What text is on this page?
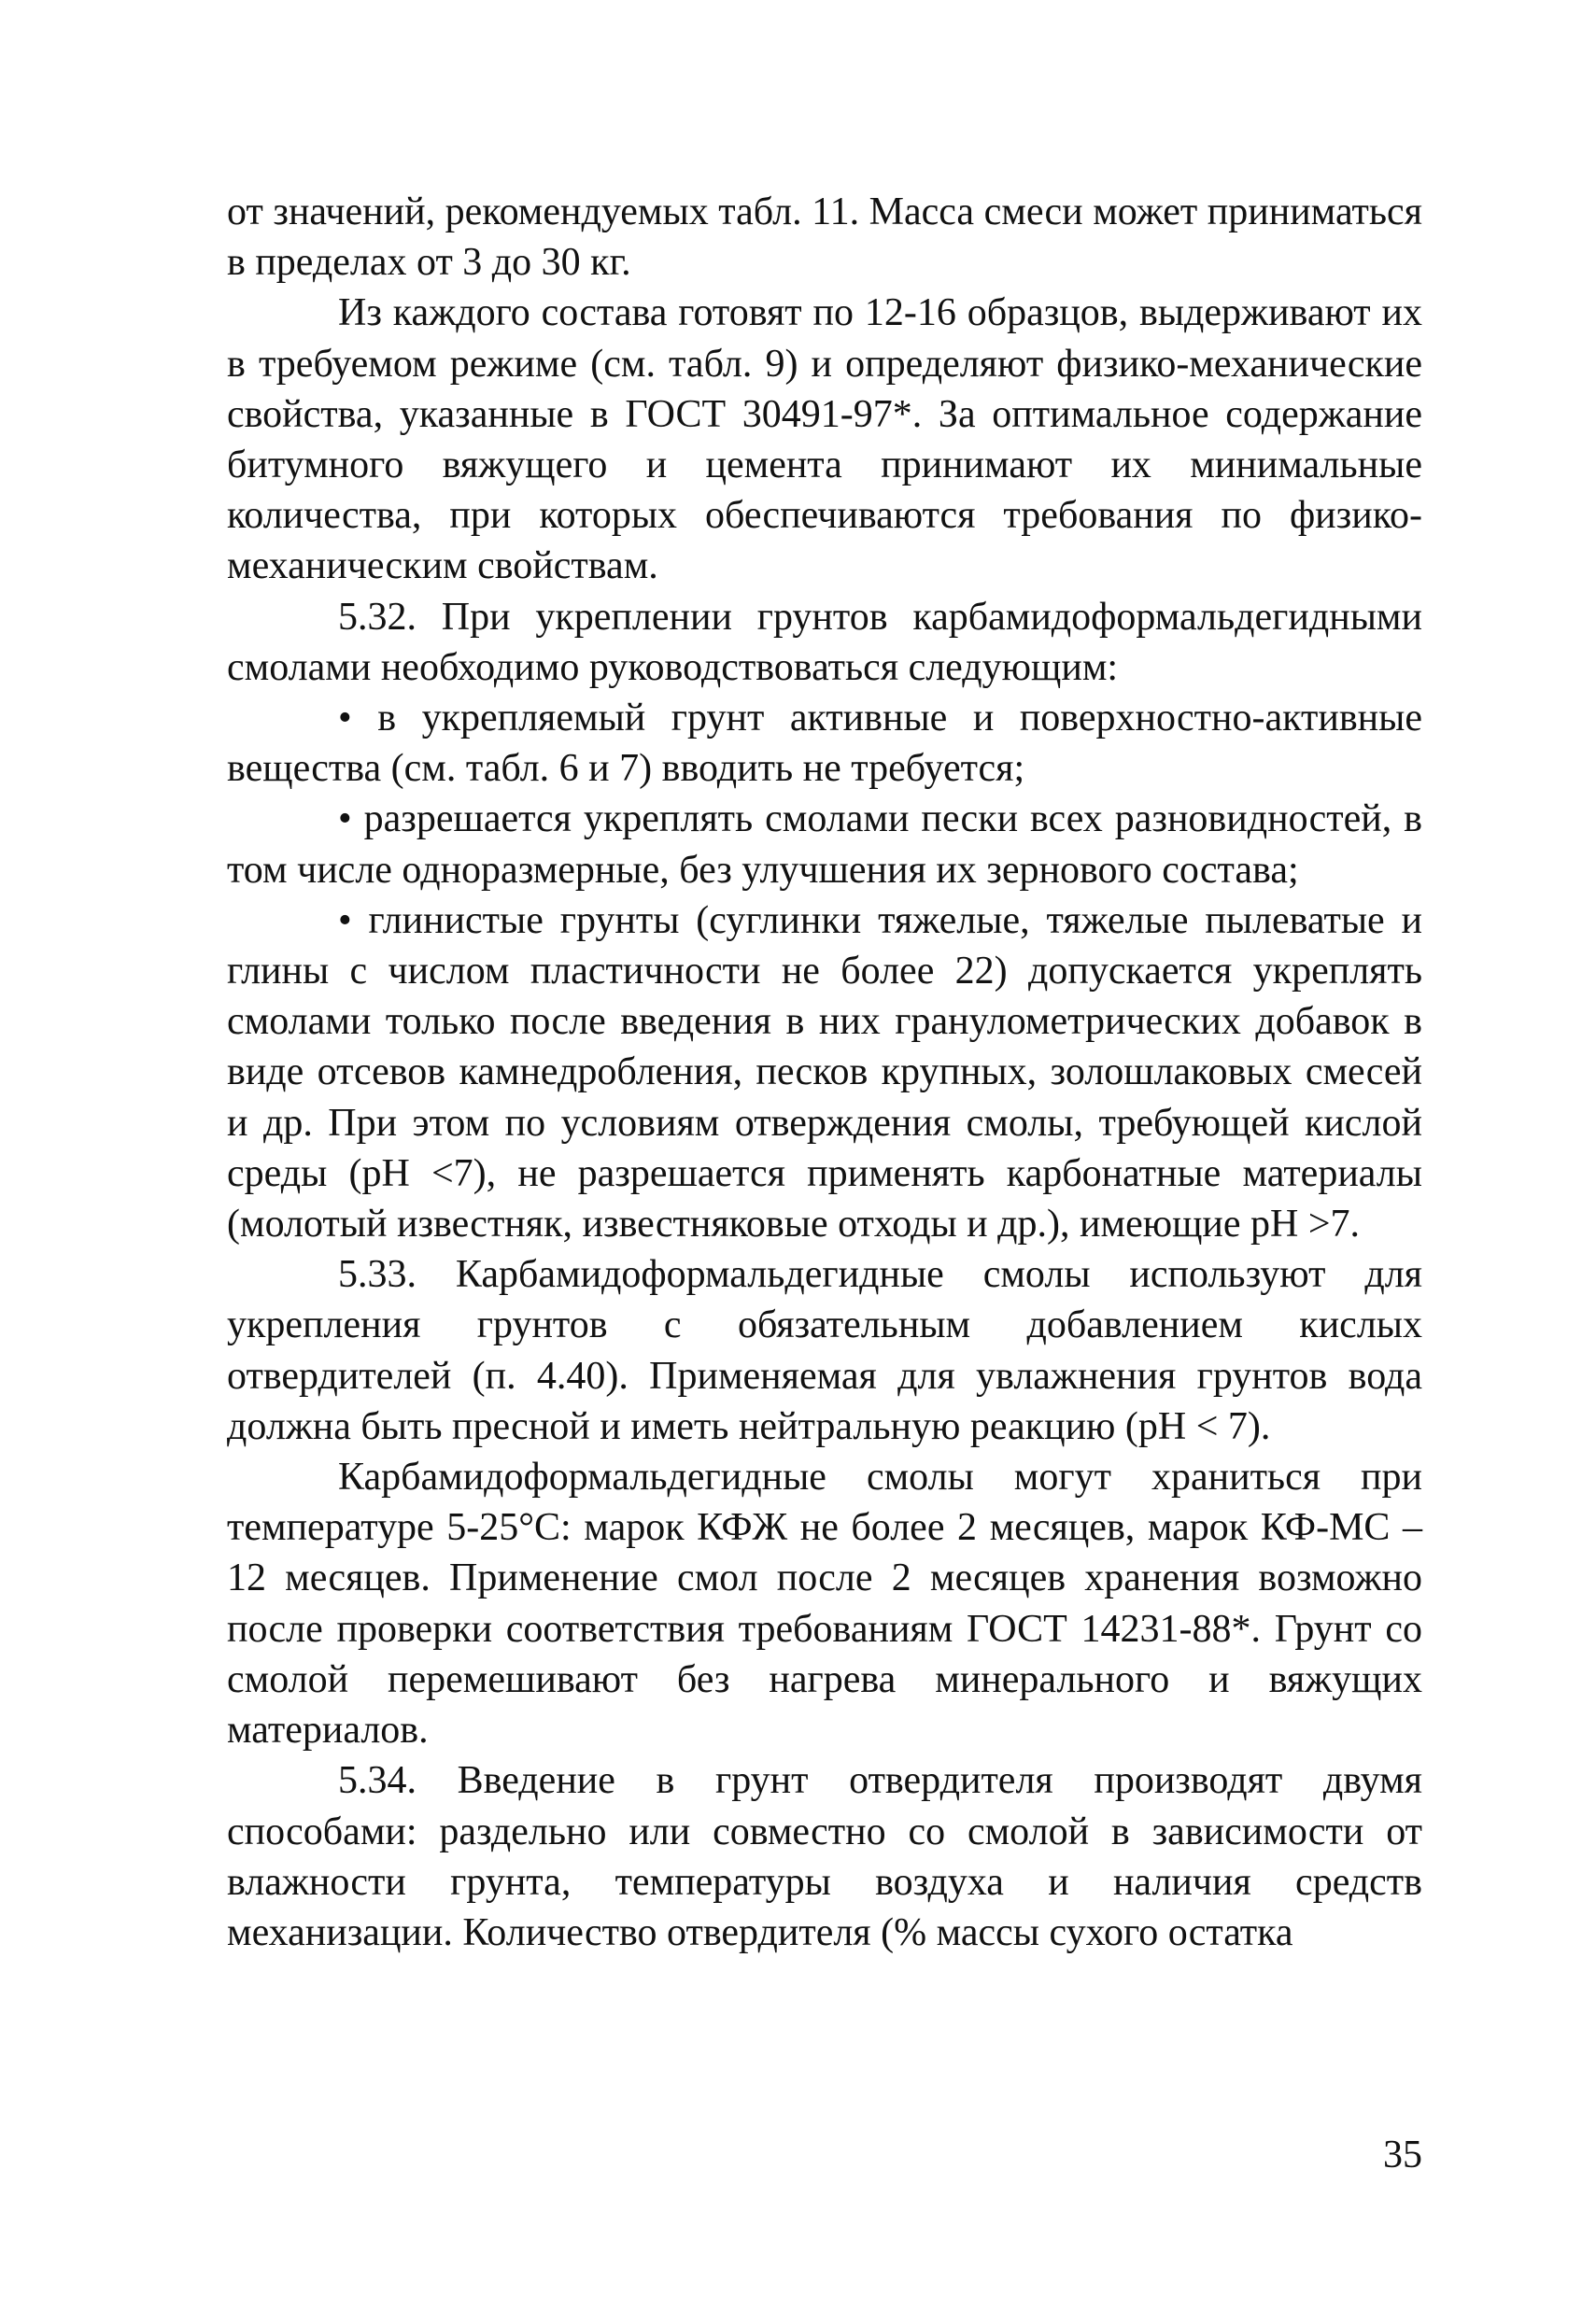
от значений, рекомендуемых табл. 11. Масса смеси может приниматься в пределах от 3 до 30 кг.

Из каждого состава готовят по 12-16 образцов, выдерживают их в требуемом режиме (см. табл. 9) и определяют физико-механические свойства, указанные в ГОСТ 30491-97*. За оптимальное содержание битумного вяжущего и цемента принимают их минимальные количества, при которых обеспечиваются требования по физико-механическим свойствам.

5.32. При укреплении грунтов карбамидоформальдегидными смолами необходимо руководствоваться следующим:

• в укрепляемый грунт активные и поверхностно-активные вещества (см. табл. 6 и 7) вводить не требуется;

• разрешается укреплять смолами пески всех разновидностей, в том числе одноразмерные, без улучшения их зернового состава;

• глинистые грунты (суглинки тяжелые, тяжелые пылеватые и глины с числом пластичности не более 22) допускается укреплять смолами только после введения в них гранулометрических добавок в виде отсевов камнедробления, песков крупных, золошлаковых смесей и др. При этом по условиям отверждения смолы, требующей кислой среды (рН <7), не разрешается применять карбонатные материалы (молотый известняк, известняковые отходы и др.), имеющие рН >7.

5.33. Карбамидоформальдегидные смолы используют для укрепления грунтов с обязательным добавлением кислых отвердителей (п. 4.40). Применяемая для увлажнения грунтов вода должна быть пресной и иметь нейтральную реакцию (рН < 7).

Карбамидоформальдегидные смолы могут храниться при температуре 5-25°С: марок КФЖ не более 2 месяцев, марок КФ-МС – 12 месяцев. Применение смол после 2 месяцев хранения возможно после проверки соответствия требованиям ГОСТ 14231-88*. Грунт со смолой перемешивают без нагрева минерального и вяжущих материалов.

5.34. Введение в грунт отвердителя производят двумя способами: раздельно или совместно со смолой в зависимости от влажности грунта, температуры воздуха и наличия средств механизации. Количество отвердителя (% массы сухого остатка

35
